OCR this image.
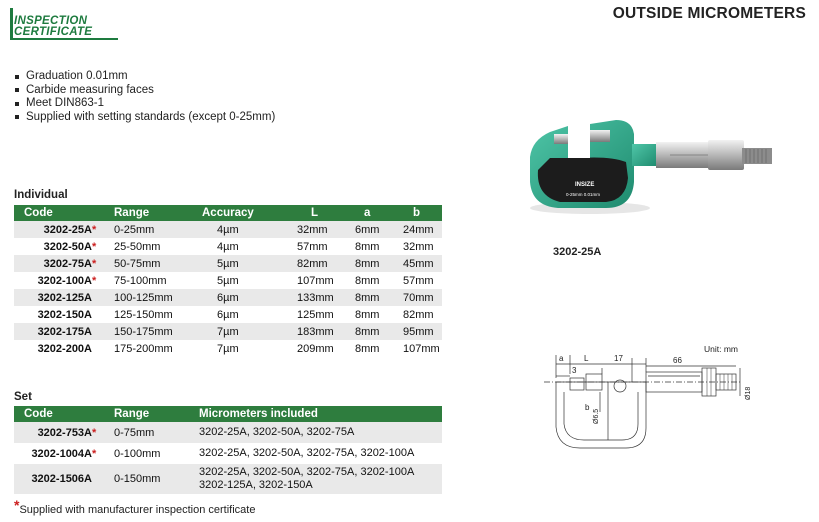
INSPECTION
CERTIFICATE
OUTSIDE MICROMETERS
Graduation 0.01mm
Carbide measuring faces
Meet DIN863-1
Supplied with setting standards (except 0-25mm)
Individual
Code	Range	Accuracy	L	a	b
3202-25A*	0-25mm	4µm	32mm	6mm	24mm
3202-50A*	25-50mm	4µm	57mm	8mm	32mm
3202-75A*	50-75mm	5µm	82mm	8mm	45mm
3202-100A*	75-100mm	5µm	107mm	8mm	57mm
3202-125A	100-125mm	6µm	133mm	8mm	70mm
3202-150A	125-150mm	6µm	125mm	8mm	82mm
3202-175A	150-175mm	7µm	183mm	8mm	95mm
3202-200A	175-200mm	7µm	209mm	8mm	107mm
Set
Code	Range	Micrometers included
3202-753A*	0-75mm	3202-25A, 3202-50A, 3202-75A

3202-1004A*	0-100mm	3202-25A, 3202-50A, 3202-75A, 3202-100A

3202-1506A	0-150mm	3202-25A, 3202-50A, 3202-75A, 3202-100A
3202-125A, 3202-150A
INSIZE
0-25mm 0.01mm
3202-25A
Unit: mm
a	L	17	66
3
b
Ø6.5
Ø18
*Supplied with manufacturer inspection certificate
